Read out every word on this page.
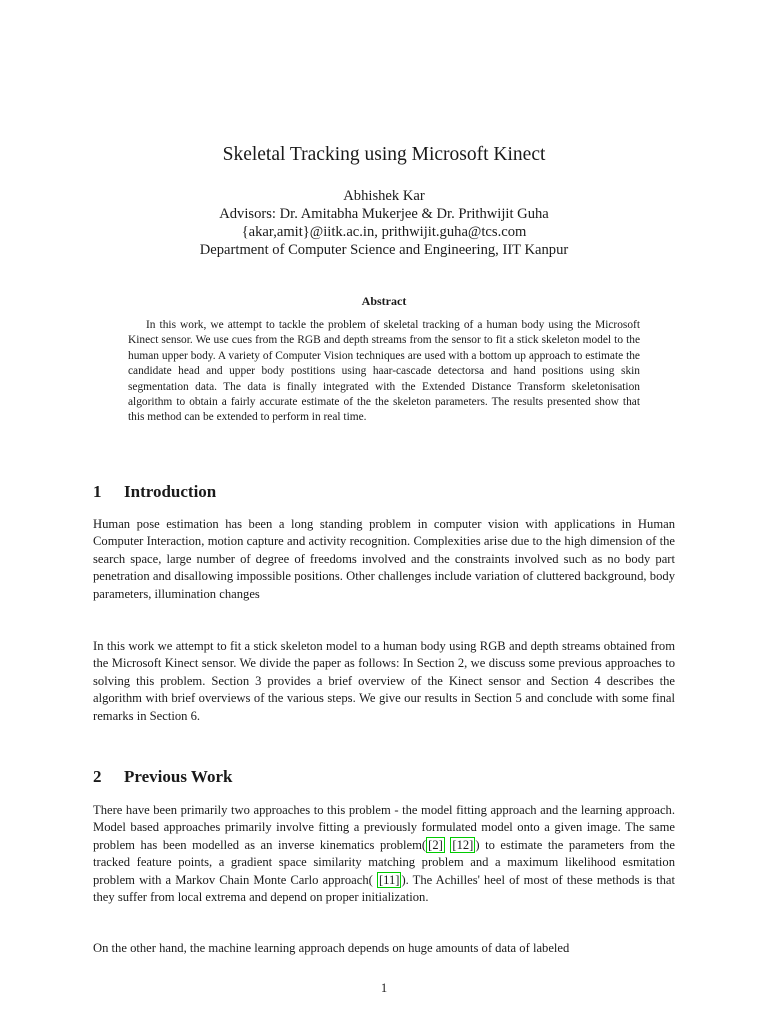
Skeletal Tracking using Microsoft Kinect
Abhishek Kar
Advisors: Dr. Amitabha Mukerjee & Dr. Prithwijit Guha
{akar,amit}@iitk.ac.in, prithwijit.guha@tcs.com
Department of Computer Science and Engineering, IIT Kanpur
Abstract
In this work, we attempt to tackle the problem of skeletal tracking of a human body using the Microsoft Kinect sensor. We use cues from the RGB and depth streams from the sensor to fit a stick skeleton model to the human upper body. A variety of Computer Vision techniques are used with a bottom up approach to estimate the candidate head and upper body postitions using haar-cascade detectorsa and hand positions using skin segmentation data. The data is finally integrated with the Extended Distance Transform skeletonisation algorithm to obtain a fairly accurate estimate of the the skeleton parameters. The results presented show that this method can be extended to perform in real time.
1 Introduction
Human pose estimation has been a long standing problem in computer vision with applications in Human Computer Interaction, motion capture and activity recognition. Complexities arise due to the high dimension of the search space, large number of degree of freedoms involved and the constraints involved such as no body part penetration and disallowing impossible positions. Other challenges include variation of cluttered background, body parameters, illumination changes
In this work we attempt to fit a stick skeleton model to a human body using RGB and depth streams obtained from the Microsoft Kinect sensor. We divide the paper as follows: In Section 2, we discuss some previous approaches to solving this problem. Section 3 provides a brief overview of the Kinect sensor and Section 4 describes the algorithm with brief overviews of the various steps. We give our results in Section 5 and conclude with some final remarks in Section 6.
2 Previous Work
There have been primarily two approaches to this problem - the model fitting approach and the learning approach. Model based approaches primarily involve fitting a previously formulated model onto a given image. The same problem has been modelled as an inverse kinematics problem( [2] [12] ) to estimate the parameters from the tracked feature points, a gradient space similarity matching problem and a maximum likelihood esmitation problem with a Markov Chain Monte Carlo approach( [11] ). The Achilles' heel of most of these methods is that they suffer from local extrema and depend on proper initialization.
On the other hand, the machine learning approach depends on huge amounts of data of labeled
1
